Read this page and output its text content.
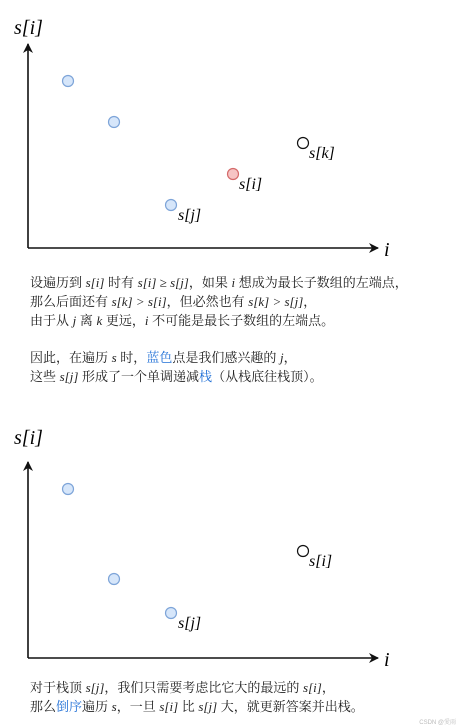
s[i]
i
s[j]
s[i]
s[k]
设遍历到 s[i] 时有 s[i] ≥ s[j]，如果 i 想成为最长子数组的左端点，
那么后面还有 s[k] > s[i]，但必然也有 s[k] > s[j]，
由于从 j 离 k 更远，i 不可能是最长子数组的左端点。
因此，在遍历 s 时，蓝色点是我们感兴趣的 j，
这些 s[j] 形成了一个单调递减栈（从栈底往栈顶）。
s[i]
i
s[j]
s[i]
对于栈顶 s[j]，我们只需要考虑比它大的最远的 s[i]，
那么倒序遍历 s，一旦 s[i] 比 s[j] 大，就更新答案并出栈。
CSDN @愛雨
